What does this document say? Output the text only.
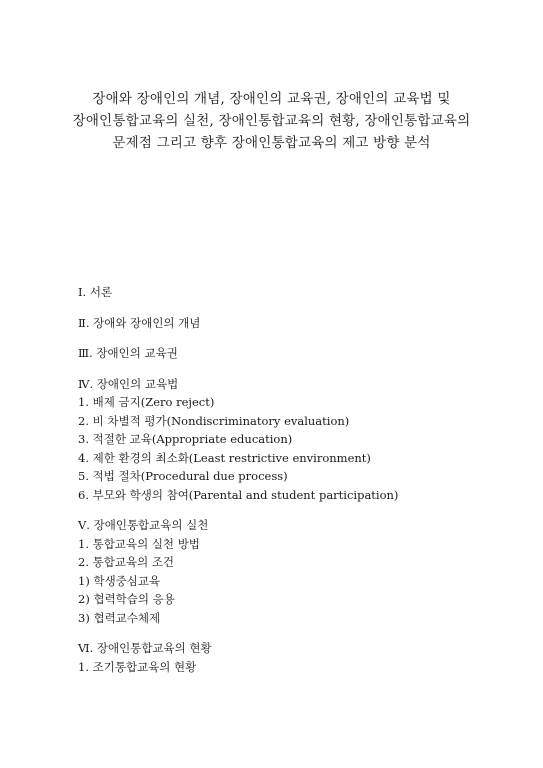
장애와 장애인의 개념, 장애인의 교육권, 장애인의 교육법 및
장애인통합교육의 실천, 장애인통합교육의 현황, 장애인통합교육의
문제점 그리고 향후 장애인통합교육의 제고 방향 분석
Ⅰ. 서론
Ⅱ. 장애와 장애인의 개념
Ⅲ. 장애인의 교육권
Ⅳ. 장애인의 교육법
1. 배제 금지(Zero reject)
2. 비 차별적 평가(Nondiscriminatory evaluation)
3. 적절한 교육(Appropriate education)
4. 제한 환경의 최소화(Least restrictive environment)
5. 적법 절차(Procedural due process)
6. 부모와 학생의 참여(Parental and student participation)
Ⅴ. 장애인통합교육의 실천
1. 통합교육의 실천 방법
2. 통합교육의 조건
1) 학생중심교육
2) 협력학습의 응용
3) 협력교수체제
Ⅵ. 장애인통합교육의 현황
1. 조기통합교육의 현황
